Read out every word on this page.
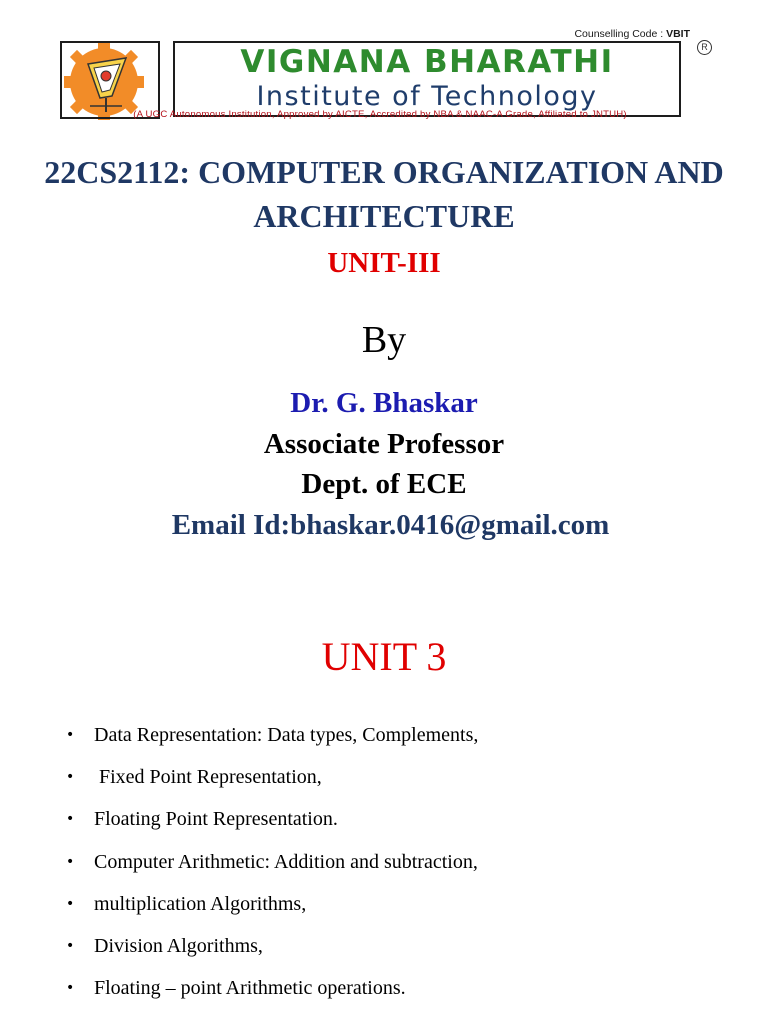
Counselling Code : VBIT
R
VIGNANA BHARATHI
Institute of Technology
(A UGC Autonomous Institution, Approved by AICTE, Accredited by NBA & NAAC-A Grade, Affiliated to JNTUH)
22CS2112: COMPUTER ORGANIZATION AND ARCHITECTURE
UNIT-III
By
Dr. G. Bhaskar
Associate Professor
Dept. of ECE
Email Id:bhaskar.0416@gmail.com
UNIT 3
• Data Representation: Data types, Complements,
• Fixed Point Representation,
• Floating Point Representation.
• Computer Arithmetic: Addition and subtraction,
• multiplication Algorithms,
• Division Algorithms,
• Floating – point Arithmetic operations.
